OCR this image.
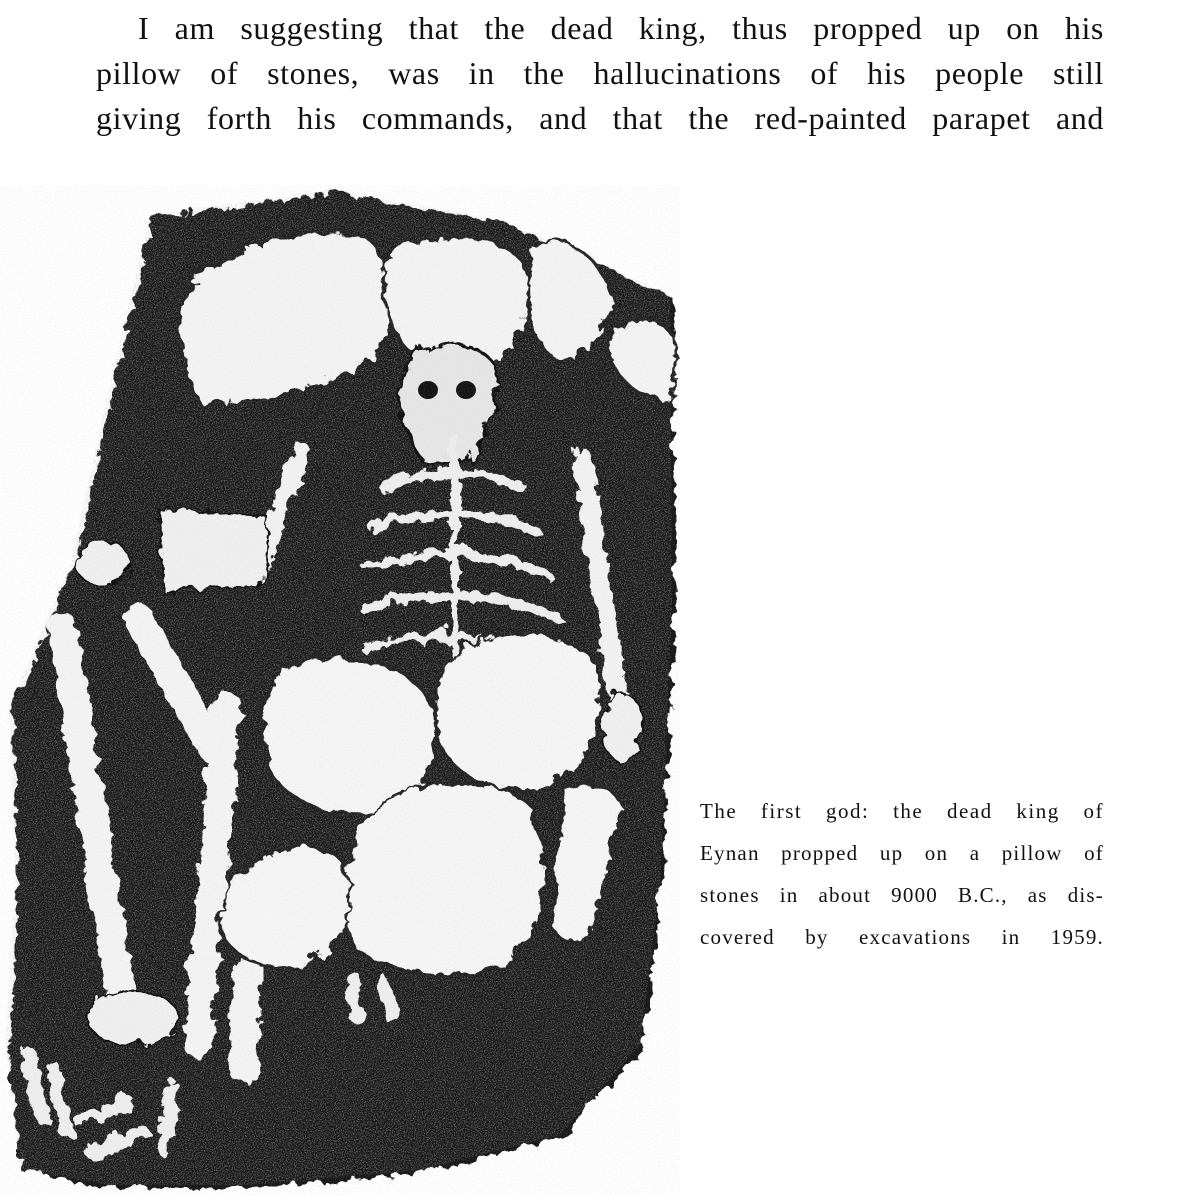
I am suggesting that the dead king, thus propped up on his
pillow of stones, was in the hallucinations of his people still
giving forth his commands, and that the red-painted parapet and
The first god: the dead king of
Eynan propped up on a pillow of
stones in about 9000 B.C., as dis-
covered by excavations in 1959.
